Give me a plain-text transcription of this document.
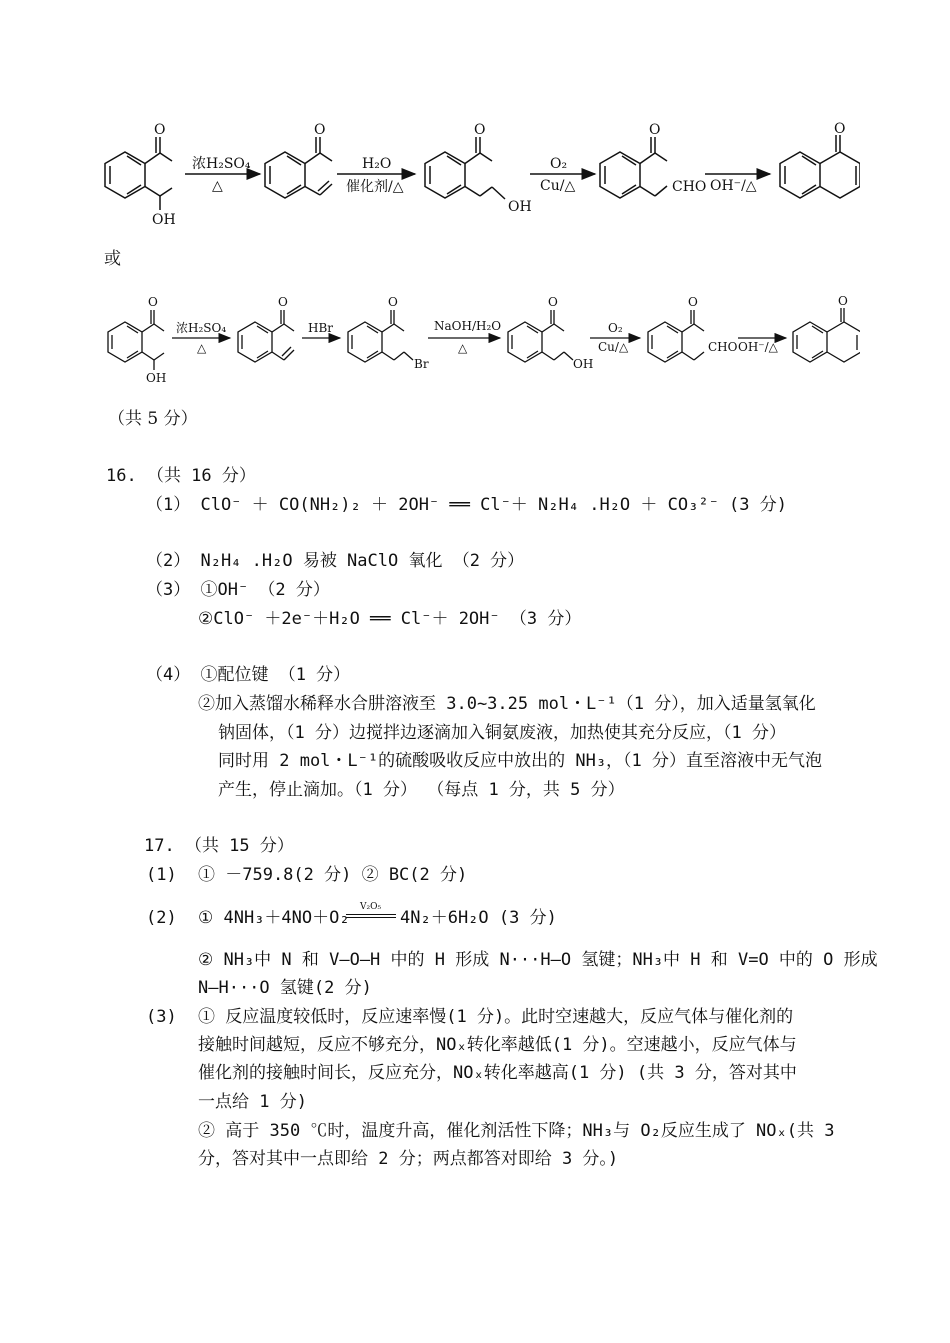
O	O	O	O	O
OH
OH
CHO
浓H₂SO₄
△
H₂O
催化剂/△
O₂
Cu/△	OH⁻/△
或
O	O	O	O	O	O
OH
Br	OH
CHO
浓H₂SO₄
△
HBr	NaOH/H₂O
△
O₂
Cu/△	OH⁻/△
（共 5 分）
16. （共 16 分）
（1） ClO⁻ ＋ CO(NH₂)₂ ＋ 2OH⁻ ══ Cl⁻＋ N₂H₄ .H₂O ＋ CO₃²⁻ (3 分)
（2） N₂H₄ .H₂O 易被 NaClO 氧化 （2 分）
（3） ①OH⁻ （2 分）
②ClO⁻ ＋2e⁻＋H₂O ══ Cl⁻＋ 2OH⁻ （3 分）
（4） ①配位键 （1 分）
②加入蒸馏水稀释水合肼溶液至 3.0~3.25 mol・L⁻¹（1 分），加入适量氢氧化
钠固体，（1 分）边搅拌边逐滴加入铜氨废液，加热使其充分反应，（1 分）
同时用 2 mol・L⁻¹的硫酸吸收反应中放出的 NH₃，（1 分）直至溶液中无气泡
产生，停止滴加。（1 分） （每点 1 分，共 5 分）
17. （共 15 分）
(1) ① －759.8(2 分) ② BC(2 分)
(2) ① 4NH₃＋4NO＋O₂
V₂O₅
4N₂＋6H₂O (3 分)
② NH₃中 N 和 V—O—H 中的 H 形成 N···H—O 氢键；NH₃中 H 和 V=O 中的 O 形成
N—H···O 氢键(2 分)
(3) ① 反应温度较低时，反应速率慢(1 分)。此时空速越大，反应气体与催化剂的
接触时间越短，反应不够充分，NOₓ转化率越低(1 分)。空速越小，反应气体与
催化剂的接触时间长，反应充分，NOₓ转化率越高(1 分) (共 3 分，答对其中
一点给 1 分)
② 高于 350 ℃时，温度升高，催化剂活性下降；NH₃与 O₂反应生成了 NOₓ(共 3
分，答对其中一点即给 2 分；两点都答对即给 3 分。)
